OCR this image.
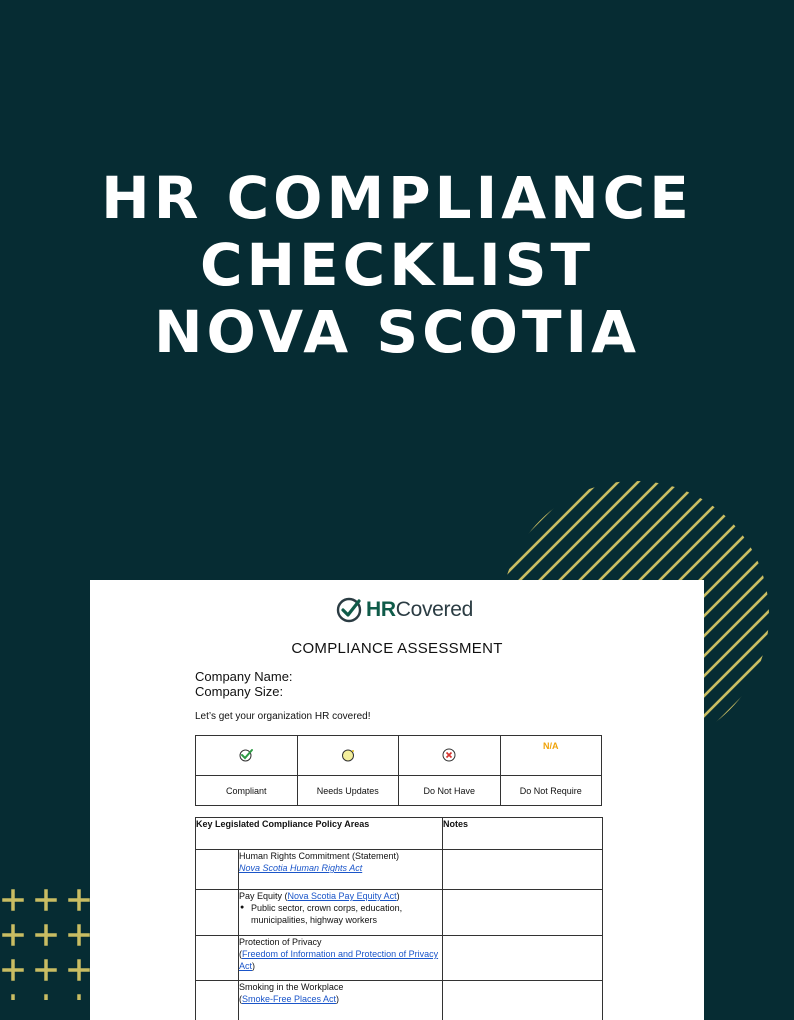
HR COMPLIANCE
CHECKLIST
NOVA SCOTIA
HRCovered
COMPLIANCE ASSESSMENT
Company Name:
Company Size:
Let’s get your organization HR covered!
			N/A
Compliant	Needs Updates	Do Not Have	Do Not Require
Key Legislated Compliance Policy Areas		Notes

	Human Rights Commitment (Statement)
Nova Scotia Human Rights Act	

	Pay Equity (Nova Scotia Pay Equity Act)
● Public sector, crown corps, education, municipalities, highway workers

	Protection of Privacy
(Freedom of Information and Protection of Privacy Act)	

	Smoking in the Workplace
(Smoke-Free Places Act)	
